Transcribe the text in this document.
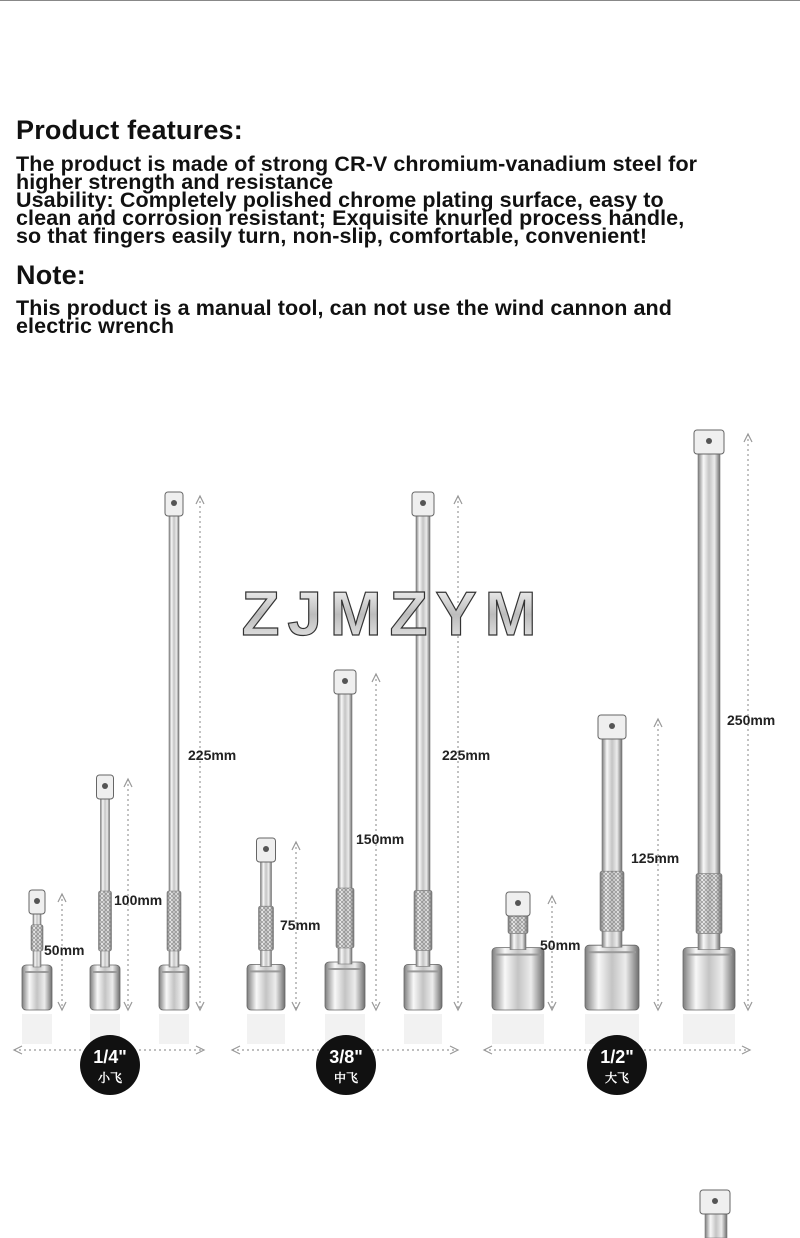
Product features:
The product is made of strong CR-V chromium-vanadium steel for
higher strength and resistance
Usability: Completely polished chrome plating surface, easy to
clean and corrosion resistant; Exquisite knurled process handle,
so that fingers easily turn, non-slip, comfortable, convenient!
Note:
This product is a manual tool, can not use the wind cannon and
electric wrench
50mm
100mm
225mm
1/4"
小飞
75mm
150mm
225mm
3/8"
中飞
50mm
125mm
250mm
1/2"
大飞
ZJMZYM
